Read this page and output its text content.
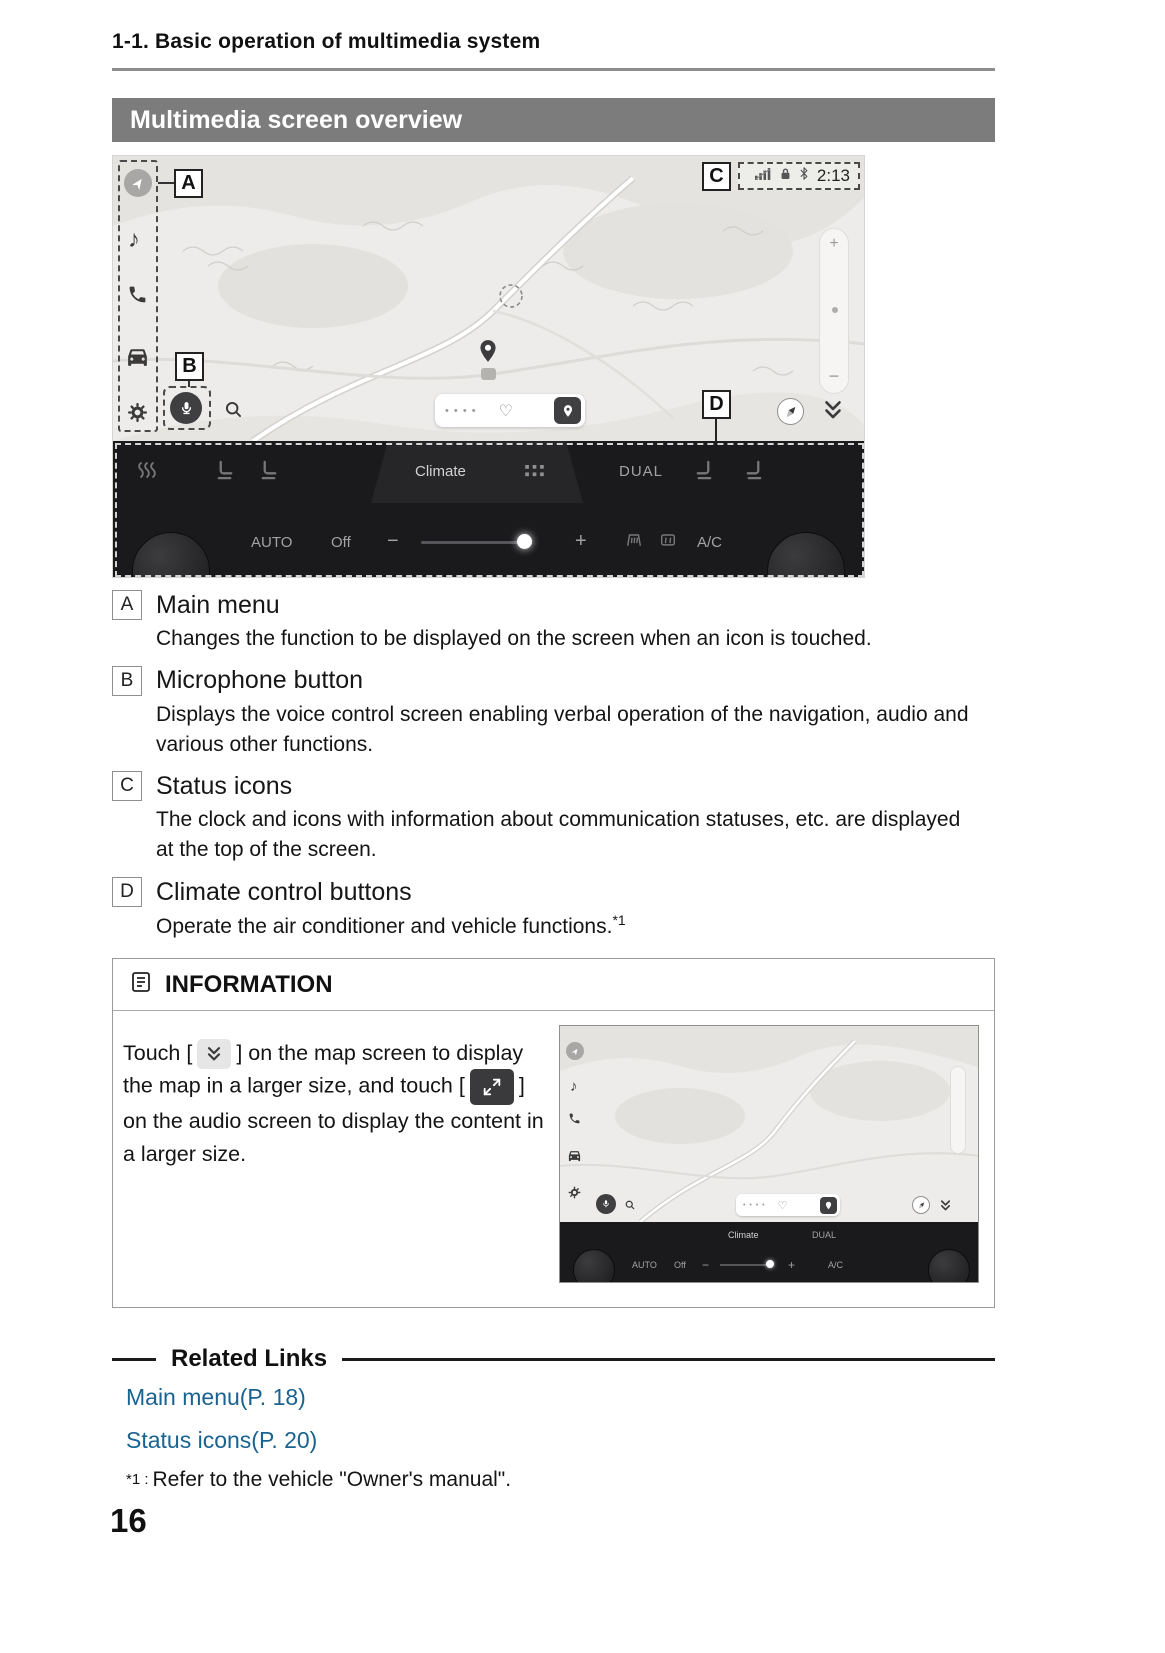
1-1. Basic operation of multimedia system
Multimedia screen overview
♪
A	C	2:13
B
• • • • ♡
+
−
D
Climate	DUAL
AUTO	Off −	+	A/C
A Main menu

Changes the function to be displayed on the screen when an icon is touched.

B Microphone button

Displays the voice control screen enabling verbal operation of the navigation, audio and various other functions.

C Status icons

The clock and icons with information about communication statuses, etc. are displayed at the top of the screen.

D Climate control buttons

Operate the air conditioner and vehicle functions.$^{*1}$

INFORMATION
Touch [ ] on the map screen to display the map in a larger size, and touch [	] on the audio screen to display the content in a larger size.
♪
• • • • ♡
Climate	DUAL
AUTO Off −	+	A/C
Related Links
Main menu(P. 18)
Status icons(P. 20)
*1 : Refer to the vehicle "Owner's manual".
16
